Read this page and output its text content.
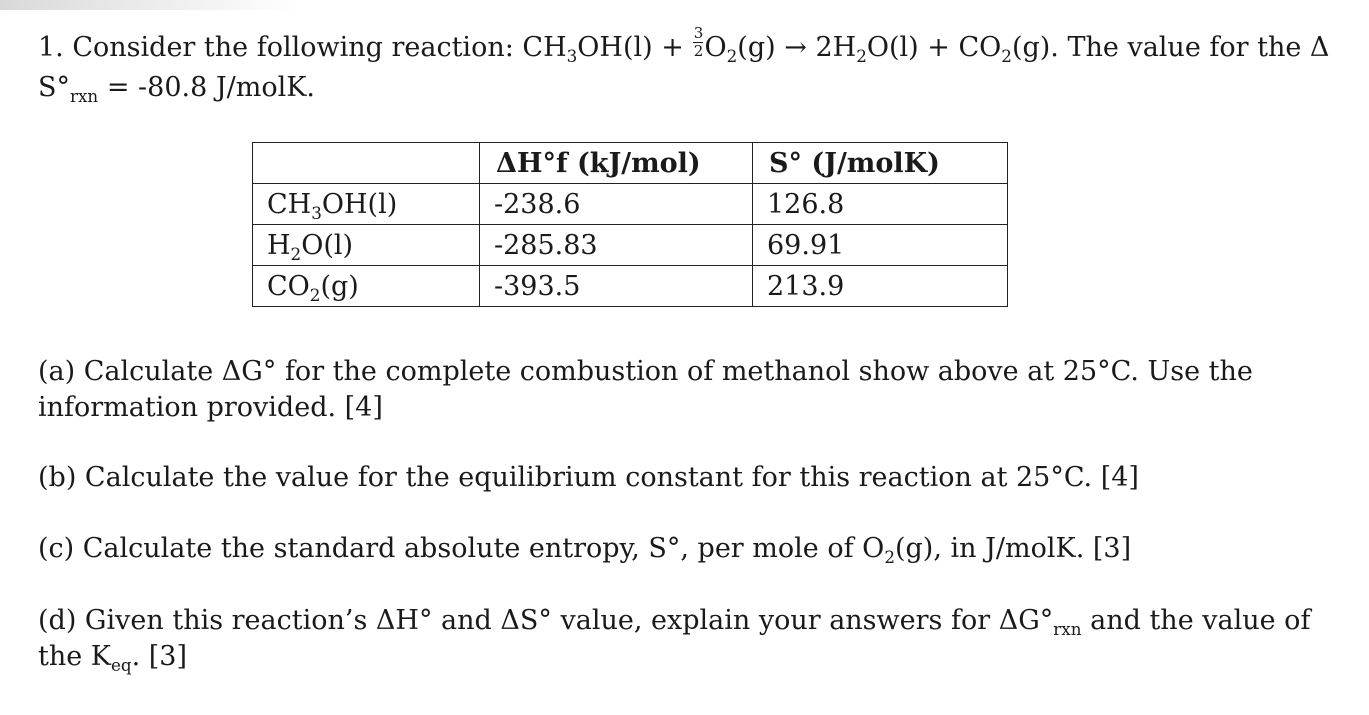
1. Consider the following reaction: $CH_3OH(l) + \frac{3}{2} O_2(g) \to 2H_2O(l) + CO_2(g)$. The value for the Δ
$S^\circ_{rxn} = -80.8$ J/molK.
	ΔH°f (kJ/mol)	S° (J/molK)
$CH_3OH(l)$	-238.6	126.8
$H_2O(l)$	-285.83	69.91
$CO_2(g)$	-393.5	213.9
(a) Calculate ΔG° for the complete combustion of methanol show above at 25°C. Use the information provided. [4]
(b) Calculate the value for the equilibrium constant for this reaction at 25°C. [4]
(c) Calculate the standard absolute entropy, S°, per mole of $O_2(g)$, in J/molK. [3]
(d) Given this reaction’s ΔH° and ΔS° value, explain your answers for $\Delta G^\circ_{rxn}$ and the value of the $K_{eq}$. [3]
